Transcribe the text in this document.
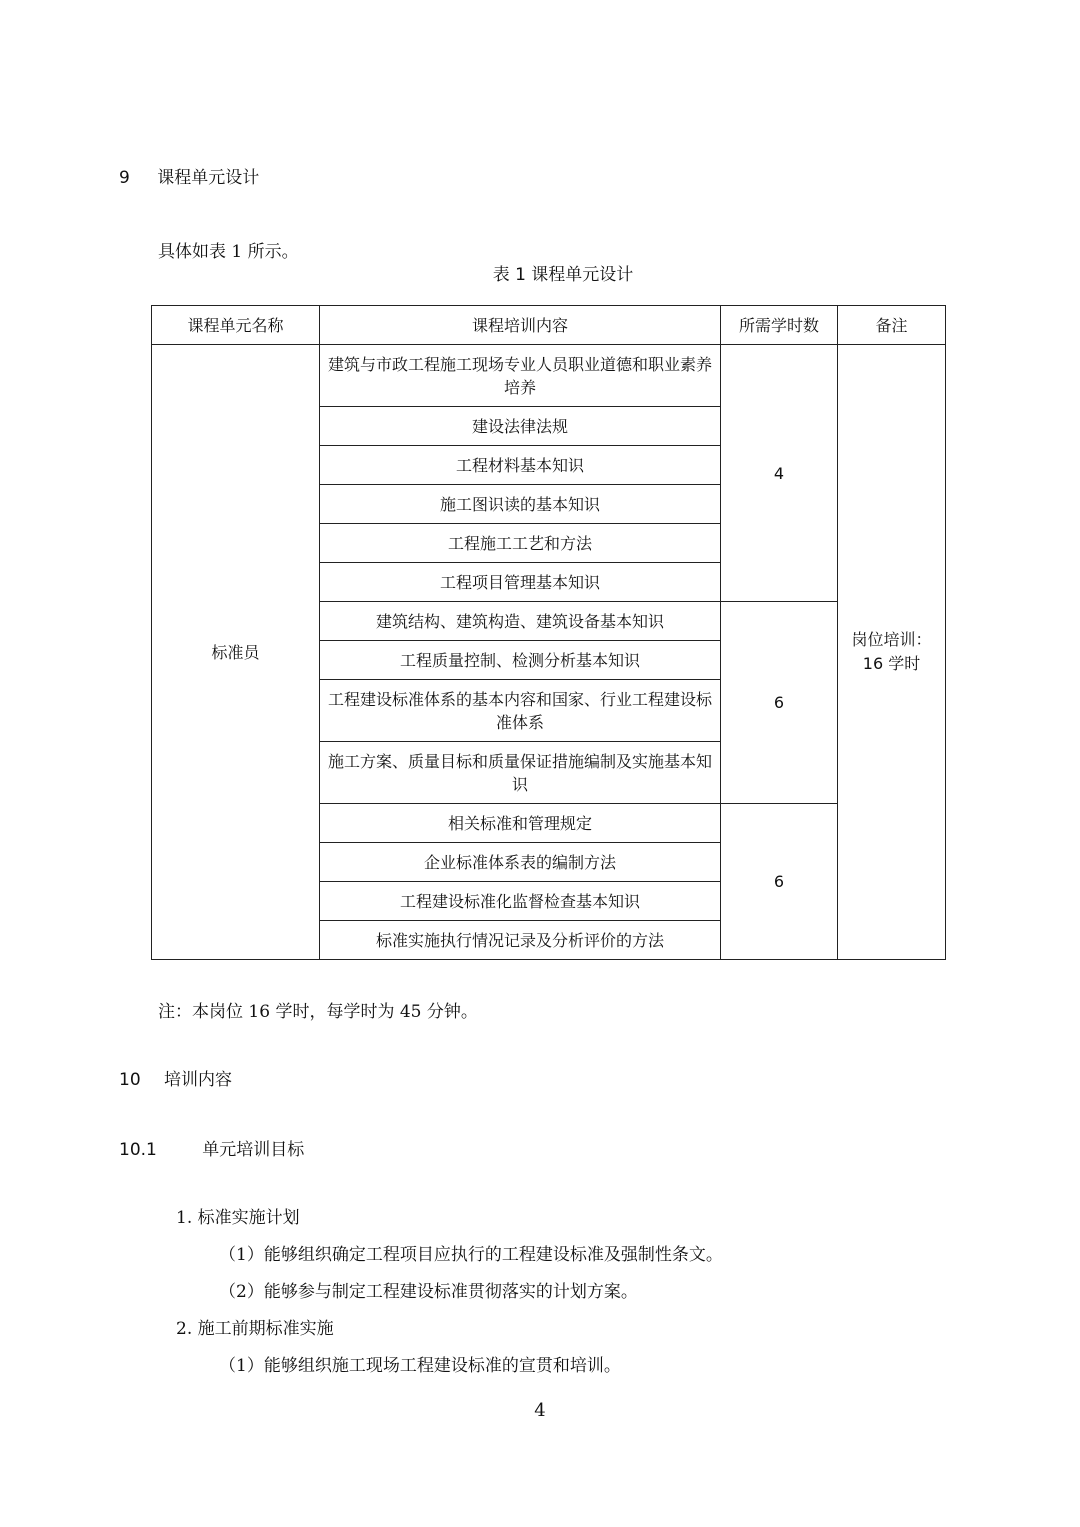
9 课程单元设计
具体如表 1 所示。
表 1 课程单元设计
课程单元名称	课程培训内容	所需学时数	备注
标准员	建筑与市政工程施工现场专业人员职业道德和职业素养培养	4	岗位培训：16 学时
	建设法律法规		
	工程材料基本知识		
	施工图识读的基本知识		
	工程施工工艺和方法		
	工程项目管理基本知识		
	建筑结构、建筑构造、建筑设备基本知识	6	
	工程质量控制、检测分析基本知识		
	工程建设标准体系的基本内容和国家、行业工程建设标准体系		
	施工方案、质量目标和质量保证措施编制及实施基本知识		
	相关标准和管理规定	6	
	企业标准体系表的编制方法		
	工程建设标准化监督检查基本知识		
	标准实施执行情况记录及分析评价的方法		
注：本岗位 16 学时，每学时为 45 分钟。
10 培训内容
10.1	单元培训目标
1. 标准实施计划
（1）能够组织确定工程项目应执行的工程建设标准及强制性条文。
（2）能够参与制定工程建设标准贯彻落实的计划方案。
2. 施工前期标准实施
（1）能够组织施工现场工程建设标准的宣贯和培训。
4
